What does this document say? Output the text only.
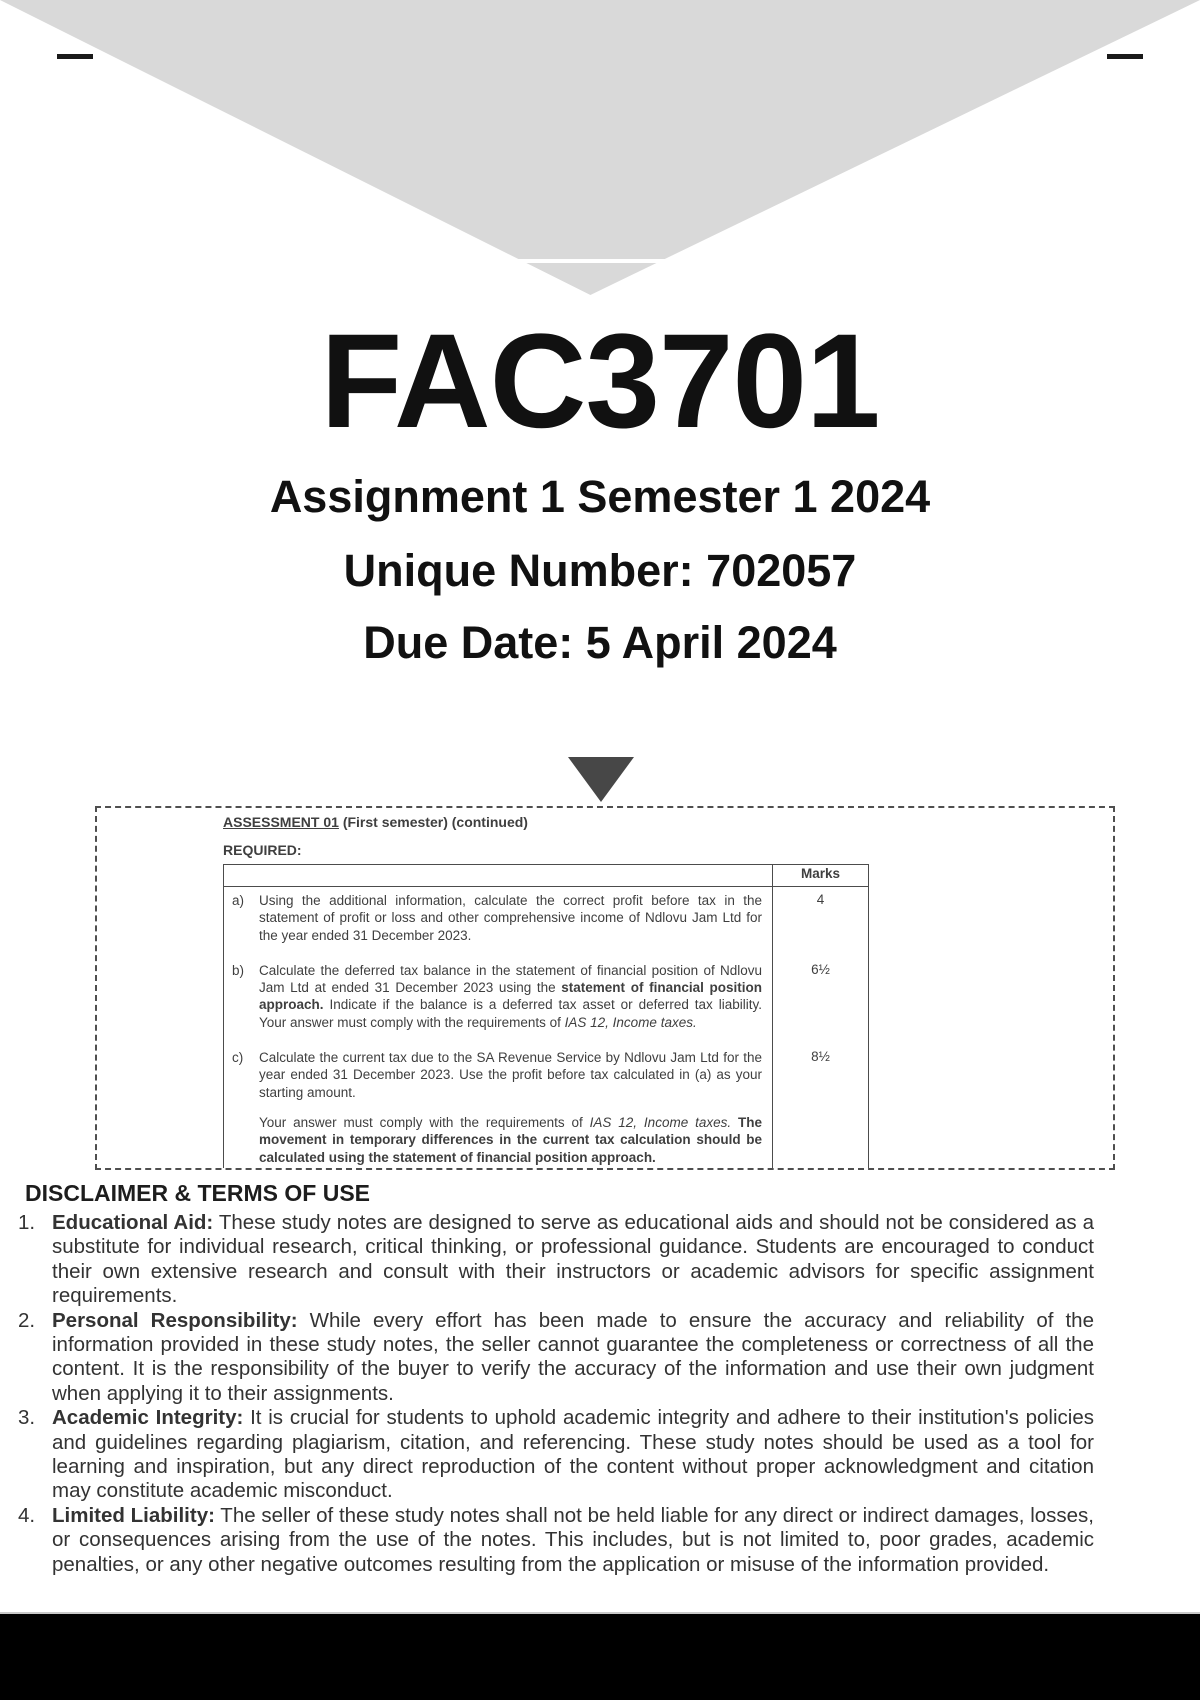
FAC3701

Assignment 1 Semester 1 2024

Unique Number: 702057

Due Date: 5 April 2024

ASSESSMENT 01 (First semester) (continued)
REQUIRED:
	Marks

a) Using the additional information, calculate the correct profit before tax in the statement of profit or loss and other comprehensive income of Ndlovu Jam Ltd for the year ended 31 December 2023.	4

b) Calculate the deferred tax balance in the statement of financial position of Ndlovu Jam Ltd at ended 31 December 2023 using the statement of financial position approach. Indicate if the balance is a deferred tax asset or deferred tax liability. Your answer must comply with the requirements of IAS 12, Income taxes.	6½

c) Calculate the current tax due to the SA Revenue Service by Ndlovu Jam Ltd for the year ended 31 December 2023. Use the profit before tax calculated in (a) as your starting amount.

Your answer must comply with the requirements of IAS 12, Income taxes. The movement in temporary differences in the current tax calculation should be calculated using the statement of financial position approach.	8½
DISCLAIMER & TERMS OF USE
1. Educational Aid: These study notes are designed to serve as educational aids and should not be considered as a substitute for individual research, critical thinking, or professional guidance. Students are encouraged to conduct their own extensive research and consult with their instructors or academic advisors for specific assignment requirements.
2. Personal Responsibility: While every effort has been made to ensure the accuracy and reliability of the information provided in these study notes, the seller cannot guarantee the completeness or correctness of all the content. It is the responsibility of the buyer to verify the accuracy of the information and use their own judgment when applying it to their assignments.
3. Academic Integrity: It is crucial for students to uphold academic integrity and adhere to their institution's policies and guidelines regarding plagiarism, citation, and referencing. These study notes should be used as a tool for learning and inspiration, but any direct reproduction of the content without proper acknowledgment and citation may constitute academic misconduct.
4. Limited Liability: The seller of these study notes shall not be held liable for any direct or indirect damages, losses, or consequences arising from the use of the notes. This includes, but is not limited to, poor grades, academic penalties, or any other negative outcomes resulting from the application or misuse of the information provided.
